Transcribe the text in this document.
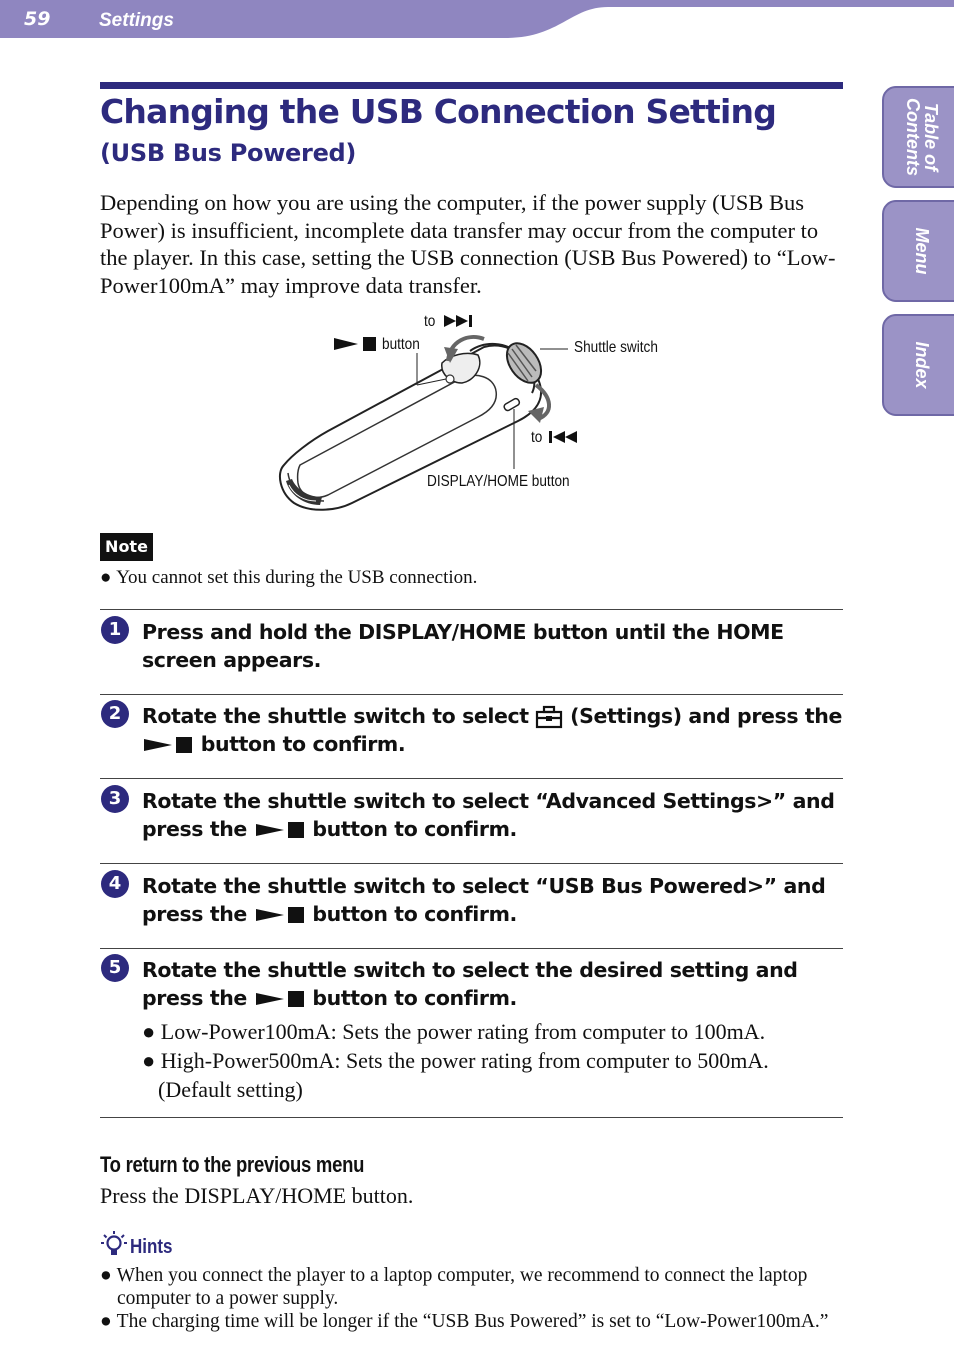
59	Settings
Table of
Contents
Menu
Index
Changing the USB Connection Setting
(USB Bus Powered)

Depending on how you are using the computer, if the power supply (USB Bus Power) is insufficient, incomplete data transfer may occur from the computer to the player. In this case, setting the USB connection (USB Bus Powered) to “Low-Power100mA” may improve data transfer.

to
button	Shuttle switch
to
DISPLAY/HOME button
Note

● You cannot set this during the USB connection.

1	Press and hold the DISPLAY/HOME button until the HOME screen appears.

2	Rotate the shuttle switch to select  (Settings) and press the  button to confirm.

3	Rotate the shuttle switch to select “Advanced Settings>” and press the	button to confirm.

4	Rotate the shuttle switch to select “USB Bus Powered>” and press the	button to confirm.

5	Rotate the shuttle switch to select the desired setting and press the	button to confirm.

● Low-Power100mA: Sets the power rating from computer to 100mA.
● High-Power500mA: Sets the power rating from computer to 500mA. (Default setting)
To return to the previous menu

Press the DISPLAY/HOME button.

Hints

● When you connect the player to a laptop computer, we recommend to connect the laptop computer to a power supply.
● The charging time will be longer if the “USB Bus Powered” is set to “Low-Power100mA.”
